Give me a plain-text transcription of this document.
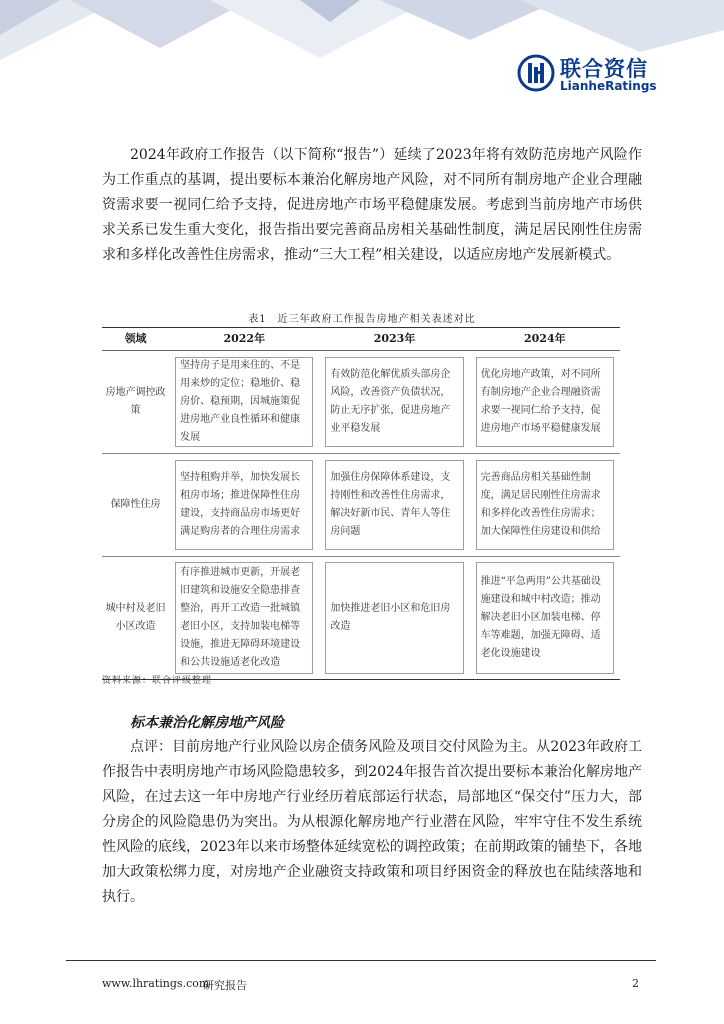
联合资信
LianheRatings

2024年政府工作报告（以下简称“报告”）延续了2023年将有效防范房地产风险作为工作重点的基调，提出要标本兼治化解房地产风险，对不同所有制房地产企业合理融资需求要一视同仁给予支持，促进房地产市场平稳健康发展。考虑到当前房地产市场供求关系已发生重大变化，报告指出要完善商品房相关基础性制度，满足居民刚性住房需求和多样化改善性住房需求，推动“三大工程”相关建设，以适应房地产发展新模式。

表1　近三年政府工作报告房地产相关表述对比
领域	2022年	2023年	2024年
房地产调控政策	坚持房子是用来住的、不是用来炒的定位；稳地价、稳房价、稳预期，因城施策促进房地产业良性循环和健康发展	有效防范化解优质头部房企风险，改善资产负债状况，防止无序扩张，促进房地产业平稳发展	优化房地产政策，对不同所有制房地产企业合理融资需求要一视同仁给予支持，促进房地产市场平稳健康发展

保障性住房	坚持租购并举，加快发展长租房市场；推进保障性住房建设，支持商品房市场更好满足购房者的合理住房需求	加强住房保障体系建设，支持刚性和改善性住房需求，解决好新市民、青年人等住房问题	完善商品房相关基础性制度，满足居民刚性住房需求和多样化改善性住房需求；加大保障性住房建设和供给

城中村及老旧小区改造	有序推进城市更新，开展老旧建筑和设施安全隐患排查整治，再开工改造一批城镇老旧小区，支持加装电梯等设施，推进无障碍环境建设和公共设施适老化改造	加快推进老旧小区和危旧房改造	推进“平急两用”公共基础设施建设和城中村改造；推动解决老旧小区加装电梯、停车等难题，加强无障碍、适老化设施建设
资料来源：联合评级整理
标本兼治化解房地产风险

点评：目前房地产行业风险以房企债务风险及项目交付风险为主。从2023年政府工作报告中表明房地产市场风险隐患较多，到2024年报告首次提出要标本兼治化解房地产风险，在过去这一年中房地产行业经历着底部运行状态，局部地区“保交付”压力大，部分房企的风险隐患仍为突出。为从根源化解房地产行业潜在风险，牢牢守住不发生系统性风险的底线，2023年以来市场整体延续宽松的调控政策；在前期政策的铺垫下，各地加大政策松绑力度，对房地产企业融资支持政策和项目纾困资金的释放也在陆续落地和执行。

www.lhratings.com
研究报告	2
